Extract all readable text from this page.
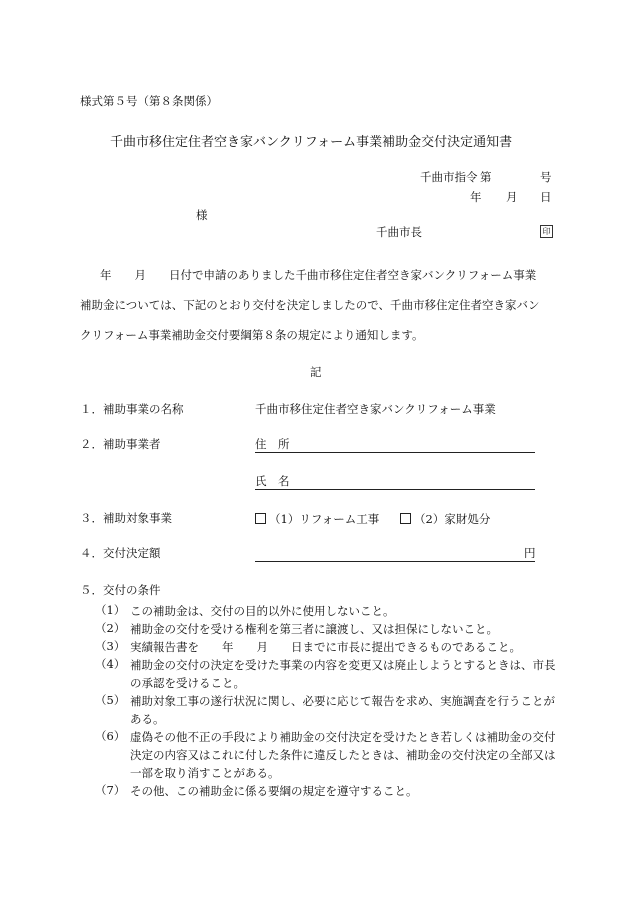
様式第５号（第８条関係）
千曲市移住定住者空き家バンクリフォーム事業補助金交付決定通知書
千曲市指令 第	号
年 月 日
様
千曲市長	印
年　　月　　日付で申請のありました千曲市移住定住者空き家バンクリフォーム事業
補助金については、下記のとおり交付を決定しましたので、千曲市移住定住者空き家バン
クリフォーム事業補助金交付要綱第８条の規定により通知します。
記
１．補助事業の名称	千曲市移住定住者空き家バンクリフォーム事業
２．補助事業者	住　所
氏　名
３．補助対象事業	（1）リフォーム工事	（2）家財処分
４．交付決定額	円
５．交付の条件
（1） この補助金は、交付の目的以外に使用しないこと。
（2） 補助金の交付を受ける権利を第三者に譲渡し、又は担保にしないこと。
（3） 実績報告書を　　年　　月　　日までに市長に提出できるものであること。
（4） 補助金の交付の決定を受けた事業の内容を変更又は廃止しようとするときは、市長の承認を受けること。
（5） 補助対象工事の遂行状況に関し、必要に応じて報告を求め、実施調査を行うことがある。
（6） 虚偽その他不正の手段により補助金の交付決定を受けたとき若しくは補助金の交付決定の内容又はこれに付した条件に違反したときは、補助金の交付決定の全部又は一部を取り消すことがある。
（7） その他、この補助金に係る要綱の規定を遵守すること。
